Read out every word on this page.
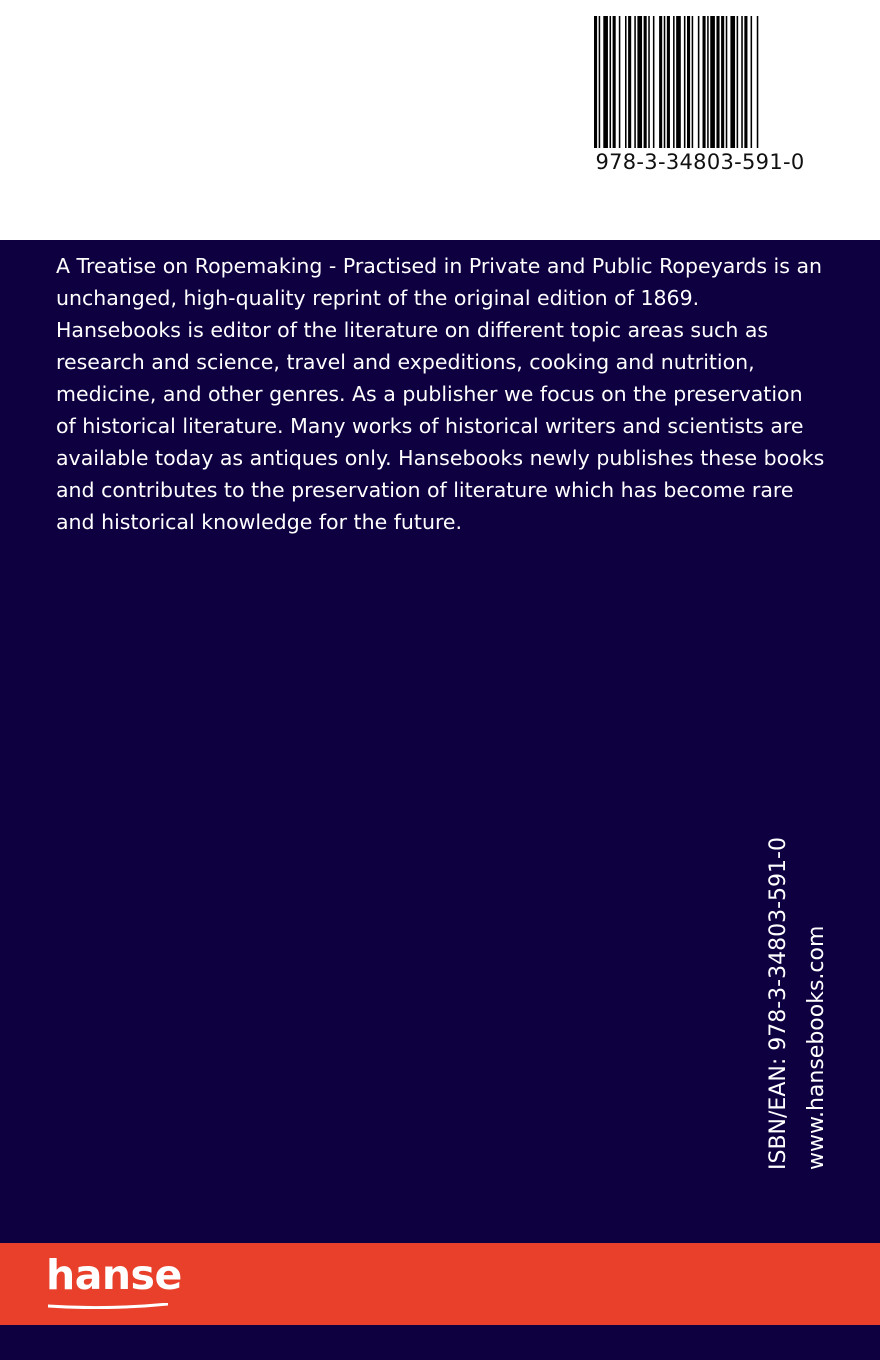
978-3-34803-591-0

A Treatise on Ropemaking - Practised in Private and Public Ropeyards is an unchanged, high-quality reprint of the original edition of 1869. Hansebooks is editor of the literature on different topic areas such as research and science, travel and expeditions, cooking and nutrition, medicine, and other genres. As a publisher we focus on the preservation of historical literature. Many works of historical writers and scientists are available today as antiques only. Hansebooks newly publishes these books and contributes to the preservation of literature which has become rare and historical knowledge for the future.

ISBN/EAN: 978-3-34803-591-0 www.hansebooks.com
hanse
